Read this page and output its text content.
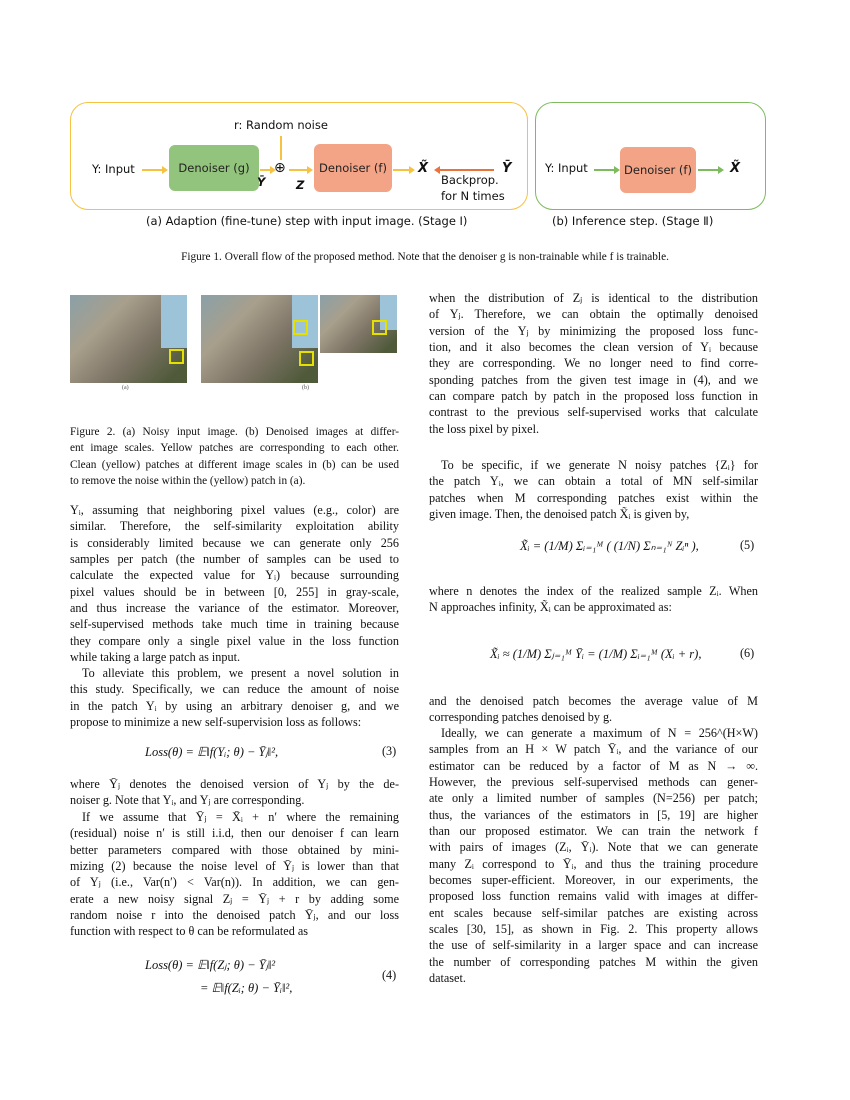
Y: Input	Denoiser (g)
r: Random noise
⊕
Ȳ	Z
Denoiser (f)	X̃	Ȳ
Backprop.
for N times
(a) Adaption (fine-tune) step with input image. (Stage Ⅰ)
Y: Input	Denoiser (f)	X̃
(b) Inference step. (Stage Ⅱ)
Figure 1. Overall flow of the proposed method. Note that the denoiser g is non-trainable while f is trainable.
(a)	(b)
Figure 2. (a) Noisy input image. (b) Denoised images at differ-
ent image scales. Yellow patches are corresponding to each other.
Clean (yellow) patches at different image scales in (b) can be used
to remove the noise within the (yellow) patch in (a).
Yᵢ, assuming that neighboring pixel values (e.g., color) are
similar. Therefore, the self-similarity exploitation ability
is considerably limited because we can generate only 256
samples per patch (the number of samples can be used to
calculate the expected value for Yᵢ) because surrounding
pixel values should be in between [0, 255] in gray-scale,
and thus increase the variance of the estimator. Moreover,
self-supervised methods take much time in training because
they compare only a single pixel value in the loss function
while taking a large patch as input.
To alleviate this problem, we present a novel solution in
this study. Specifically, we can reduce the amount of noise
in the patch Yᵢ by using an arbitrary denoiser g, and we
propose to minimize a new self-supervision loss as follows:
Loss(θ) = 𝔼‖f(Yᵢ; θ) − Ȳⱼ‖²,	(3)
where Ȳⱼ denotes the denoised version of Yⱼ by the de-
noiser g. Note that Yᵢ, and Yⱼ are corresponding.
If we assume that Ȳⱼ = X̄ᵢ + n′ where the remaining
(residual) noise n′ is still i.i.d, then our denoiser f can learn
better parameters compared with those obtained by mini-
mizing (2) because the noise level of Ȳⱼ is lower than that
of Yⱼ (i.e., Var(n′) < Var(n)). In addition, we can gen-
erate a new noisy signal Zⱼ = Ȳⱼ + r by adding some
random noise r into the denoised patch Ȳⱼ, and our loss
function with respect to θ can be reformulated as
Loss(θ) = 𝔼‖f(Zⱼ; θ) − Ȳⱼ‖²
= 𝔼‖f(Zᵢ; θ) − Ȳᵢ‖²,
(4)
when the distribution of Zⱼ is identical to the distribution
of Yⱼ. Therefore, we can obtain the optimally denoised
version of the Yⱼ by minimizing the proposed loss func-
tion, and it also becomes the clean version of Yᵢ because
they are corresponding. We no longer need to find corre-
sponding patches from the given test image in (4), and we
can compare patch by patch in the proposed loss function in
contrast to the previous self-supervised works that calculate
the loss pixel by pixel.
To be specific, if we generate N noisy patches {Zᵢ} for
the patch Yᵢ, we can obtain a total of MN self-similar
patches when M corresponding patches exist within the
given image. Then, the denoised patch X̃ᵢ is given by,
X̃ᵢ = (1/M) Σᵢ₌₁ᴹ ( (1/N) Σₙ₌₁ᴺ Zᵢⁿ ),	(5)
where n denotes the index of the realized sample Zᵢ. When
N approaches infinity, X̃ᵢ can be approximated as:
X̃ᵢ ≈ (1/M) Σⱼ₌₁ᴹ Ȳᵢ = (1/M) Σᵢ₌₁ᴹ (Xᵢ + r),	(6)
and the denoised patch becomes the average value of M
corresponding patches denoised by g.
Ideally, we can generate a maximum of N = 256^(H×W)
samples from an H × W patch Ȳᵢ, and the variance of our
estimator can be reduced by a factor of M as N → ∞.
However, the previous self-supervised methods can gener-
ate only a limited number of samples (N=256) per patch;
thus, the variances of the estimators in [5, 19] are higher
than our proposed estimator. We can train the network f
with pairs of images (Zᵢ, Ȳᵢ). Note that we can generate
many Zᵢ correspond to Ȳᵢ, and thus the training procedure
becomes super-efficient. Moreover, in our experiments, the
proposed loss function remains valid with images at differ-
ent scales because self-similar patches are existing across
scales [30, 15], as shown in Fig. 2. This property allows
the use of self-similarity in a larger space and can increase
the number of corresponding patches M within the given
dataset.
